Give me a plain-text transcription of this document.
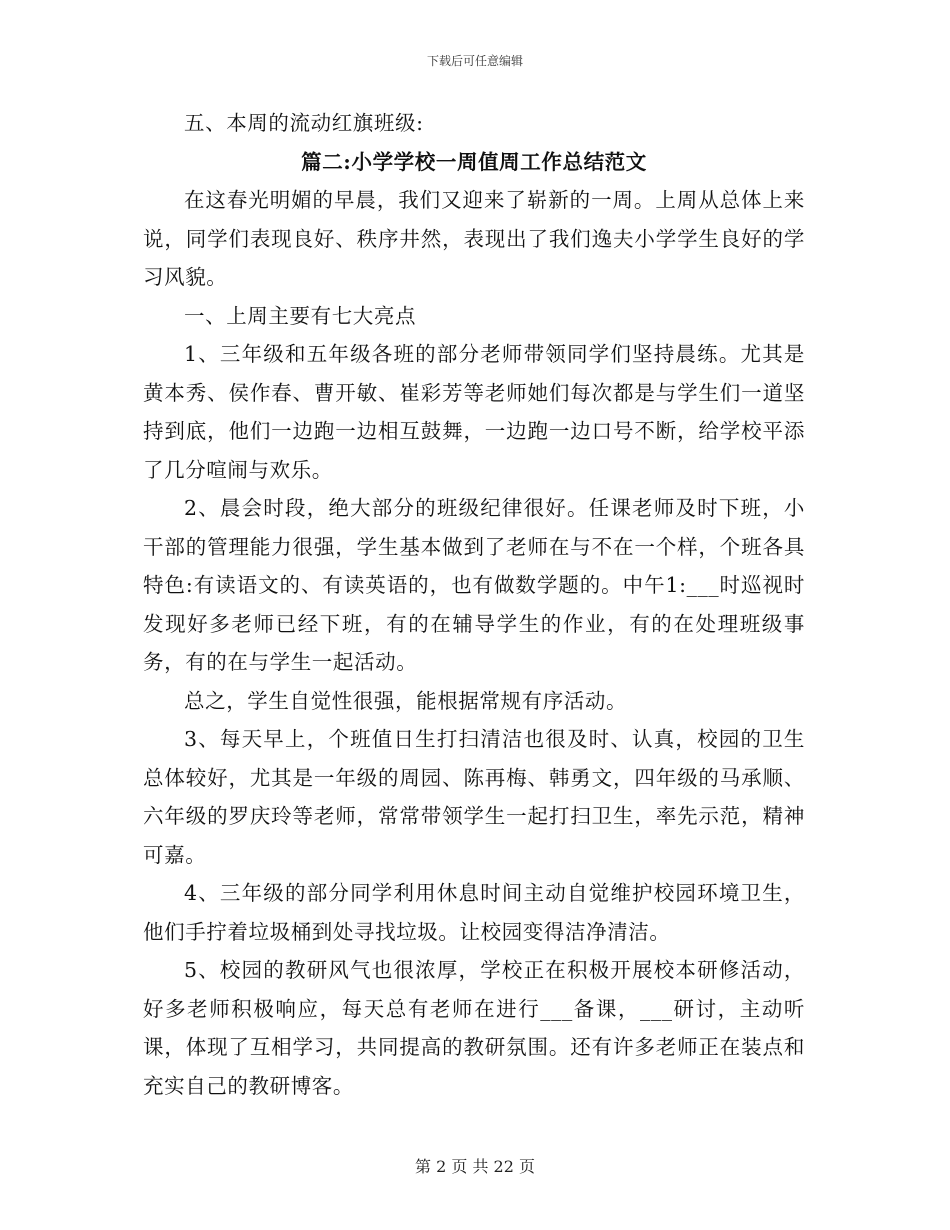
下载后可任意编辑

五、本周的流动红旗班级:

篇二:小学学校一周值周工作总结范文

在这春光明媚的早晨，我们又迎来了崭新的一周。上周从总体上来说，同学们表现良好、秩序井然，表现出了我们逸夫小学学生良好的学习风貌。

一、上周主要有七大亮点

1、三年级和五年级各班的部分老师带领同学们坚持晨练。尤其是黄本秀、侯作春、曹开敏、崔彩芳等老师她们每次都是与学生们一道坚持到底，他们一边跑一边相互鼓舞，一边跑一边口号不断，给学校平添了几分喧闹与欢乐。

2、晨会时段，绝大部分的班级纪律很好。任课老师及时下班，小干部的管理能力很强，学生基本做到了老师在与不在一个样，个班各具特色:有读语文的、有读英语的，也有做数学题的。中午1:___时巡视时发现好多老师已经下班，有的在辅导学生的作业，有的在处理班级事务，有的在与学生一起活动。

总之，学生自觉性很强，能根据常规有序活动。

3、每天早上，个班值日生打扫清洁也很及时、认真，校园的卫生总体较好，尤其是一年级的周园、陈再梅、韩勇文，四年级的马承顺、六年级的罗庆玲等老师，常常带领学生一起打扫卫生，率先示范，精神可嘉。

4、三年级的部分同学利用休息时间主动自觉维护校园环境卫生，他们手拧着垃圾桶到处寻找垃圾。让校园变得洁净清洁。

5、校园的教研风气也很浓厚，学校正在积极开展校本研修活动，好多老师积极响应，每天总有老师在进行___备课，___研讨，主动听课，体现了互相学习，共同提高的教研氛围。还有许多老师正在装点和充实自己的教研博客。

第 2 页 共 22 页
